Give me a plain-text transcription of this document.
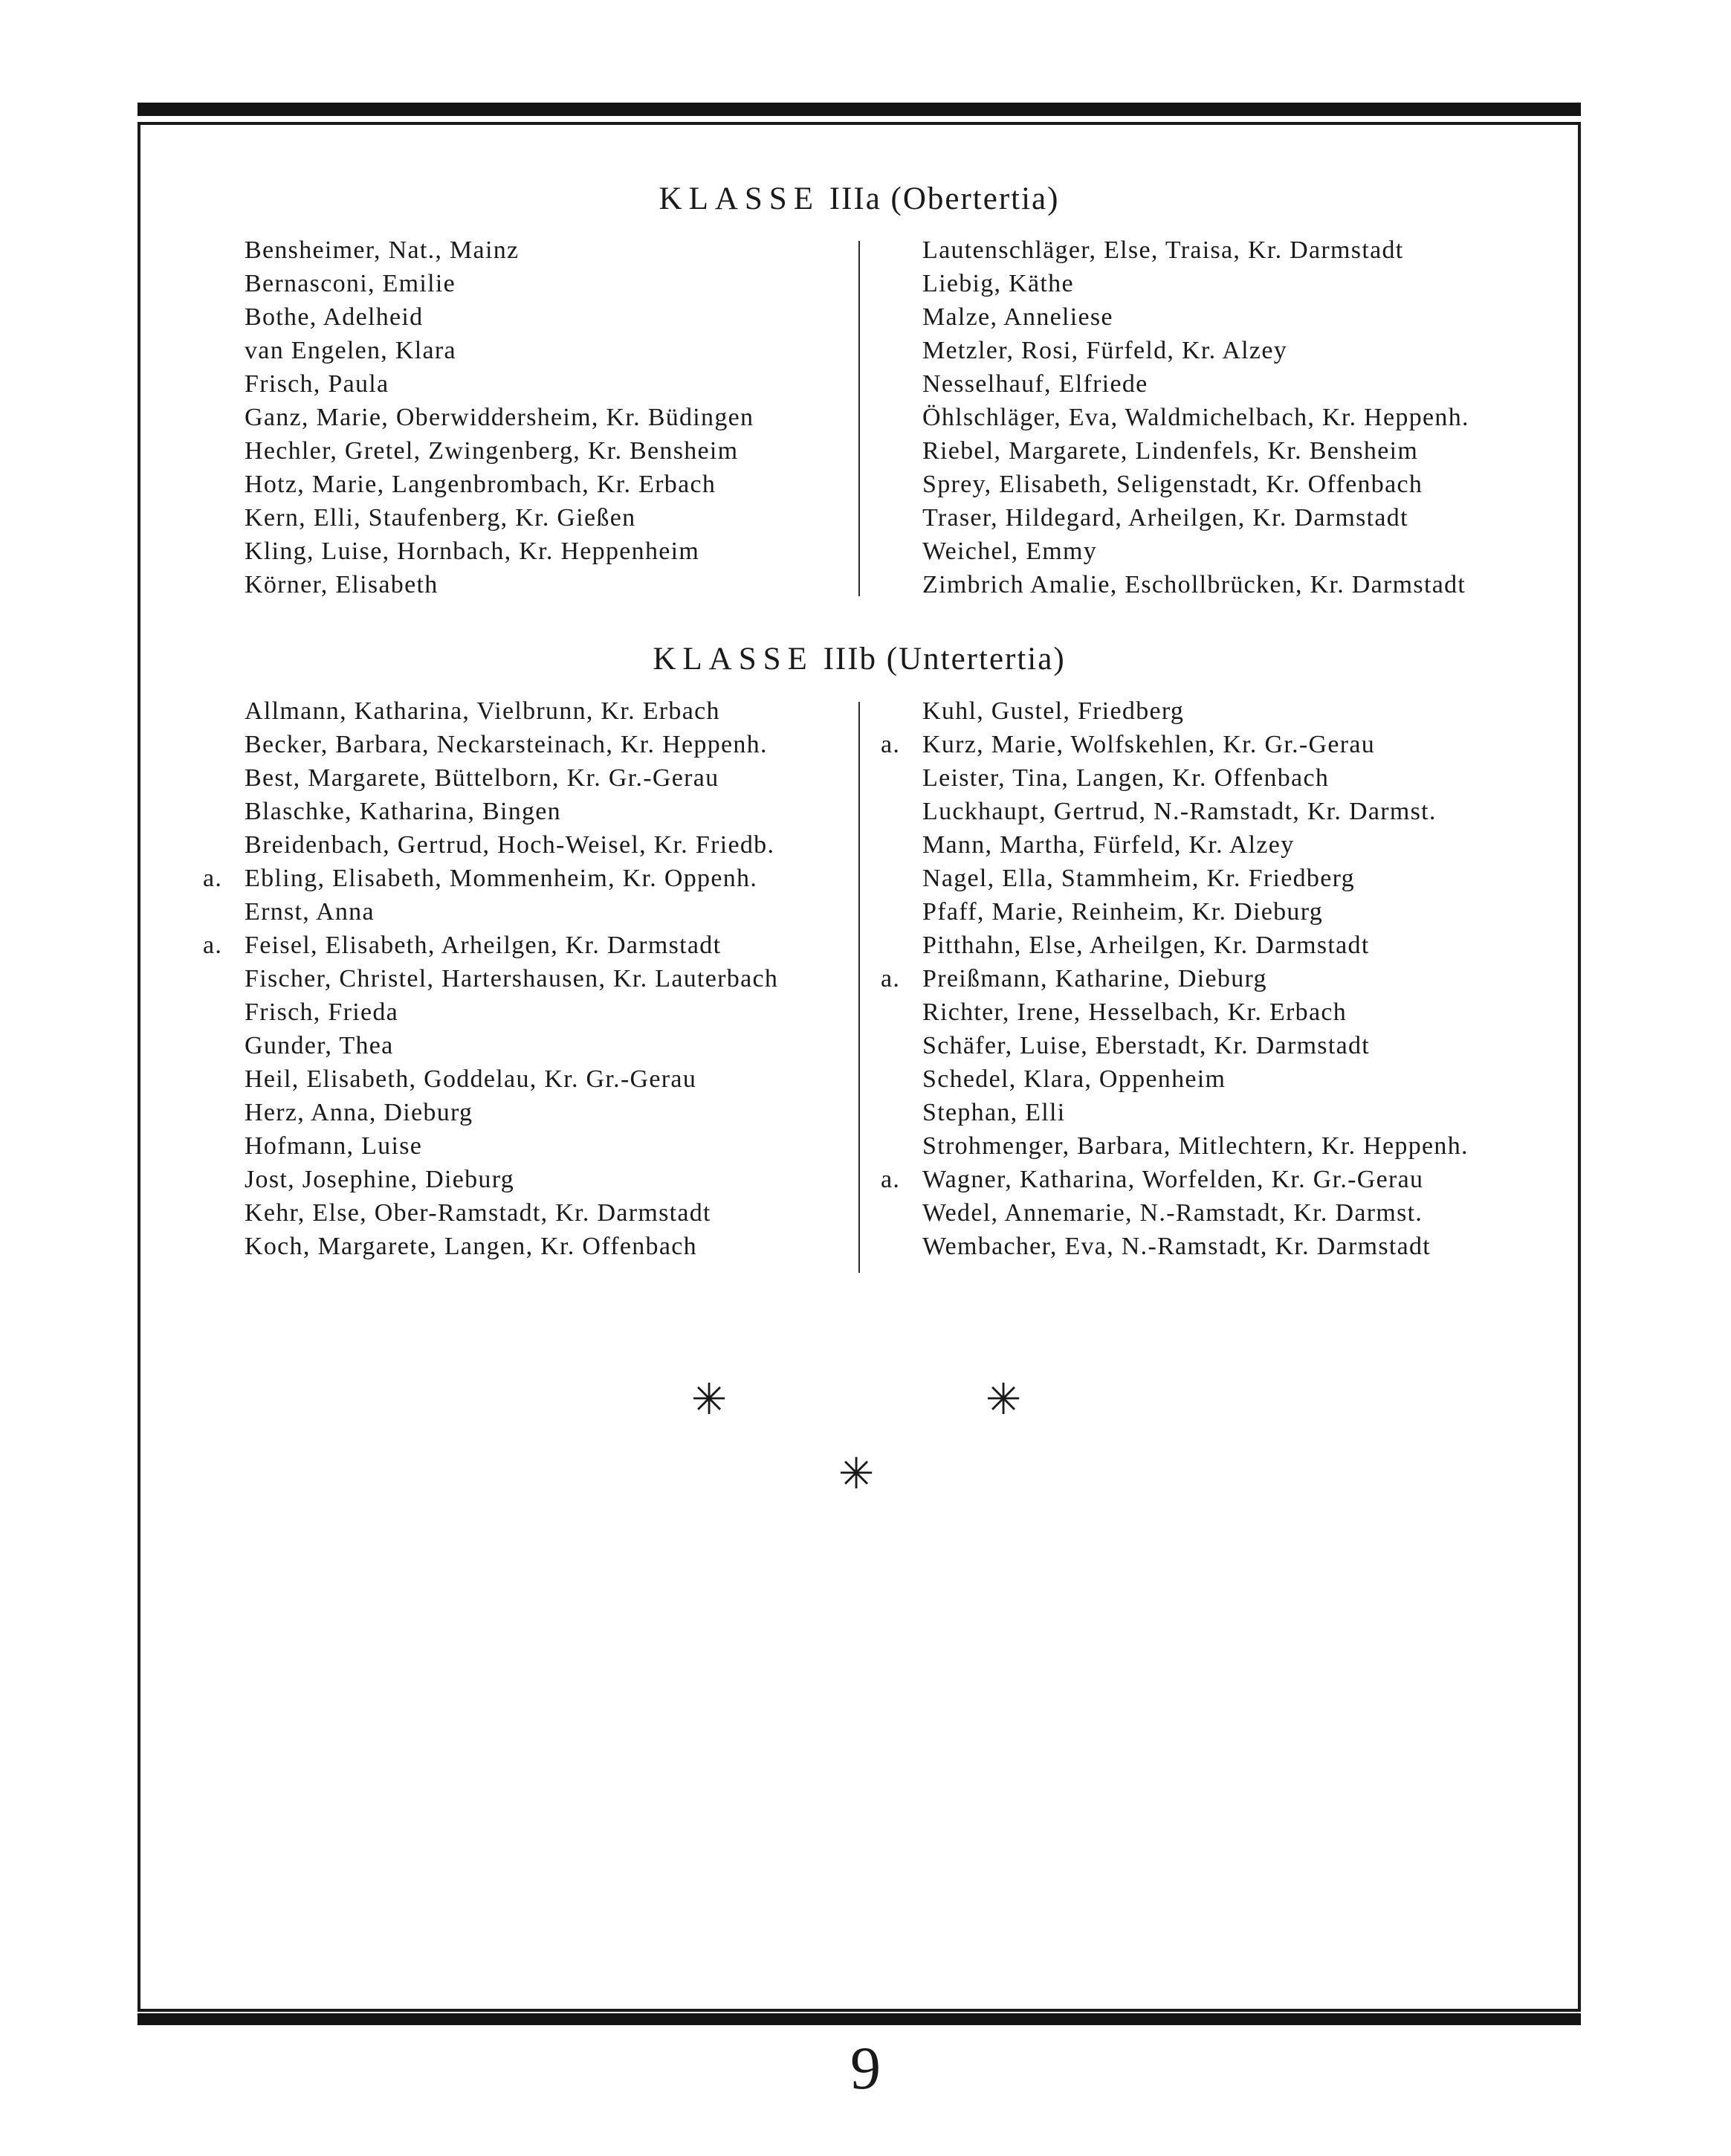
KLASSE IIIa (Obertertia)
Bensheimer, Nat., Mainz
Bernasconi, Emilie
Bothe, Adelheid
van Engelen, Klara
Frisch, Paula
Ganz, Marie, Oberwiddersheim, Kr. Büdingen
Hechler, Gretel, Zwingenberg, Kr. Bensheim
Hotz, Marie, Langenbrombach, Kr. Erbach
Kern, Elli, Staufenberg, Kr. Gießen
Kling, Luise, Hornbach, Kr. Heppenheim
Körner, Elisabeth
Lautenschläger, Else, Traisa, Kr. Darmstadt
Liebig, Käthe
Malze, Anneliese
Metzler, Rosi, Fürfeld, Kr. Alzey
Nesselhauf, Elfriede
Öhlschläger, Eva, Waldmichelbach, Kr. Heppenh.
Riebel, Margarete, Lindenfels, Kr. Bensheim
Sprey, Elisabeth, Seligenstadt, Kr. Offenbach
Traser, Hildegard, Arheilgen, Kr. Darmstadt
Weichel, Emmy
Zimbrich Amalie, Eschollbrücken, Kr. Darmstadt
KLASSE IIIb (Untertertia)
Allmann, Katharina, Vielbrunn, Kr. Erbach
Becker, Barbara, Neckarsteinach, Kr. Heppenh.
Best, Margarete, Büttelborn, Kr. Gr.-Gerau
Blaschke, Katharina, Bingen
Breidenbach, Gertrud, Hoch-Weisel, Kr. Friedb.
a. Ebling, Elisabeth, Mommenheim, Kr. Oppenh.
Ernst, Anna
a. Feisel, Elisabeth, Arheilgen, Kr. Darmstadt
Fischer, Christel, Hartershausen, Kr. Lauterbach
Frisch, Frieda
Gunder, Thea
Heil, Elisabeth, Goddelau, Kr. Gr.-Gerau
Herz, Anna, Dieburg
Hofmann, Luise
Jost, Josephine, Dieburg
Kehr, Else, Ober-Ramstadt, Kr. Darmstadt
Koch, Margarete, Langen, Kr. Offenbach
Kuhl, Gustel, Friedberg
a. Kurz, Marie, Wolfskehlen, Kr. Gr.-Gerau
Leister, Tina, Langen, Kr. Offenbach
Luckhaupt, Gertrud, N.-Ramstadt, Kr. Darmst.
Mann, Martha, Fürfeld, Kr. Alzey
Nagel, Ella, Stammheim, Kr. Friedberg
Pfaff, Marie, Reinheim, Kr. Dieburg
Pitthahn, Else, Arheilgen, Kr. Darmstadt
a. Preißmann, Katharine, Dieburg
Richter, Irene, Hesselbach, Kr. Erbach
Schäfer, Luise, Eberstadt, Kr. Darmstadt
Schedel, Klara, Oppenheim
Stephan, Elli
Strohmenger, Barbara, Mitlechtern, Kr. Heppenh.
a. Wagner, Katharina, Worfelden, Kr. Gr.-Gerau
Wedel, Annemarie, N.-Ramstadt, Kr. Darmst.
Wembacher, Eva, N.-Ramstadt, Kr. Darmstadt
✳	✳
✳
9
